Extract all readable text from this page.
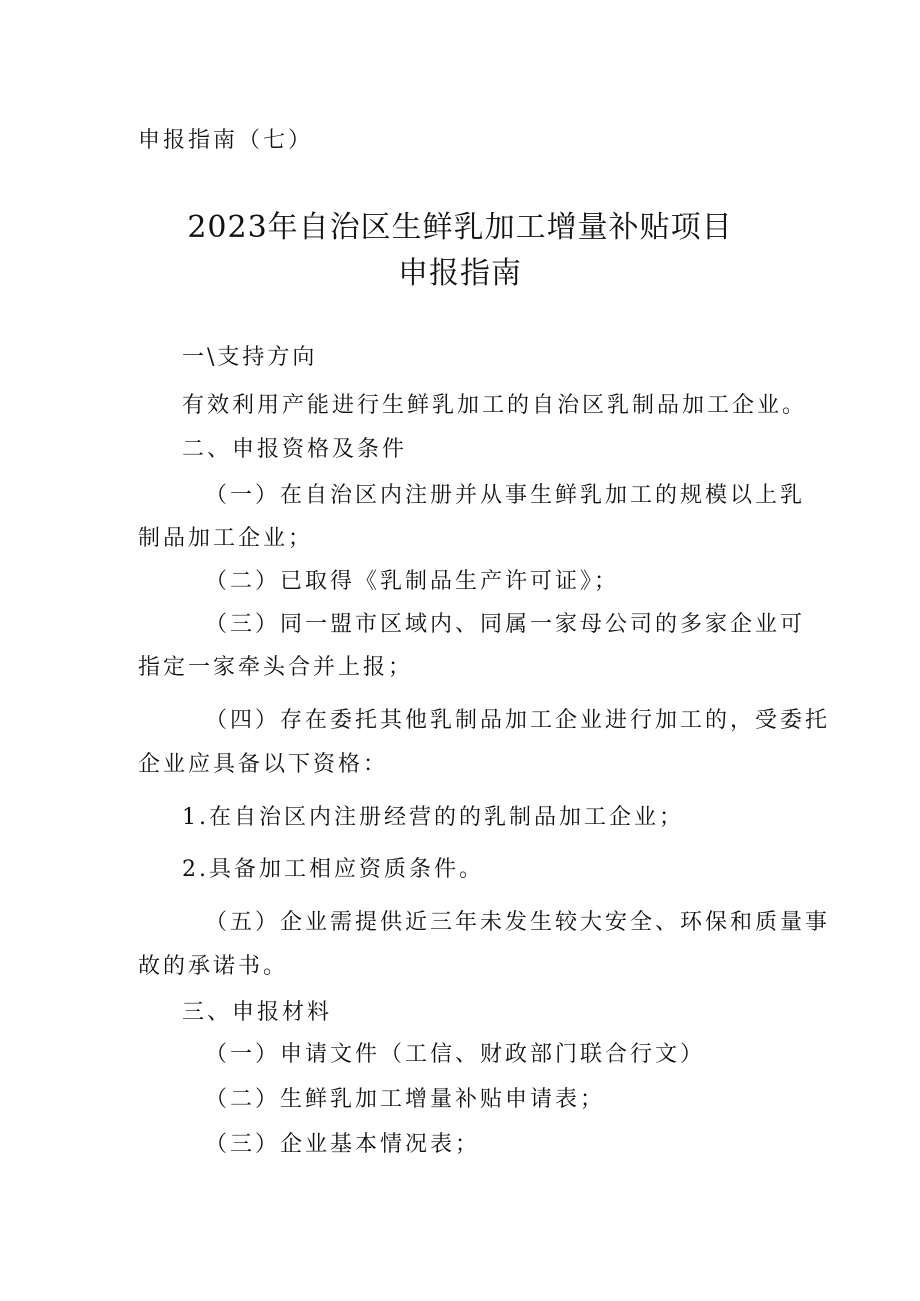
申报指南（七）
2023年自治区生鲜乳加工增量补贴项目
申报指南
一\支持方向
有效利用产能进行生鲜乳加工的自治区乳制品加工企业。
二、申报资格及条件
（一）在自治区内注册并从事生鲜乳加工的规模以上乳
制品加工企业；
（二）已取得《乳制品生产许可证》；
（三）同一盟市区域内、同属一家母公司的多家企业可
指定一家牵头合并上报；
（四）存在委托其他乳制品加工企业进行加工的，受委托
企业应具备以下资格：
1.在自治区内注册经营的的乳制品加工企业；
2.具备加工相应资质条件。
（五）企业需提供近三年未发生较大安全、环保和质量事
故的承诺书。
三、申报材料
（一）申请文件（工信、财政部门联合行文）
（二）生鲜乳加工增量补贴申请表；
（三）企业基本情况表；
